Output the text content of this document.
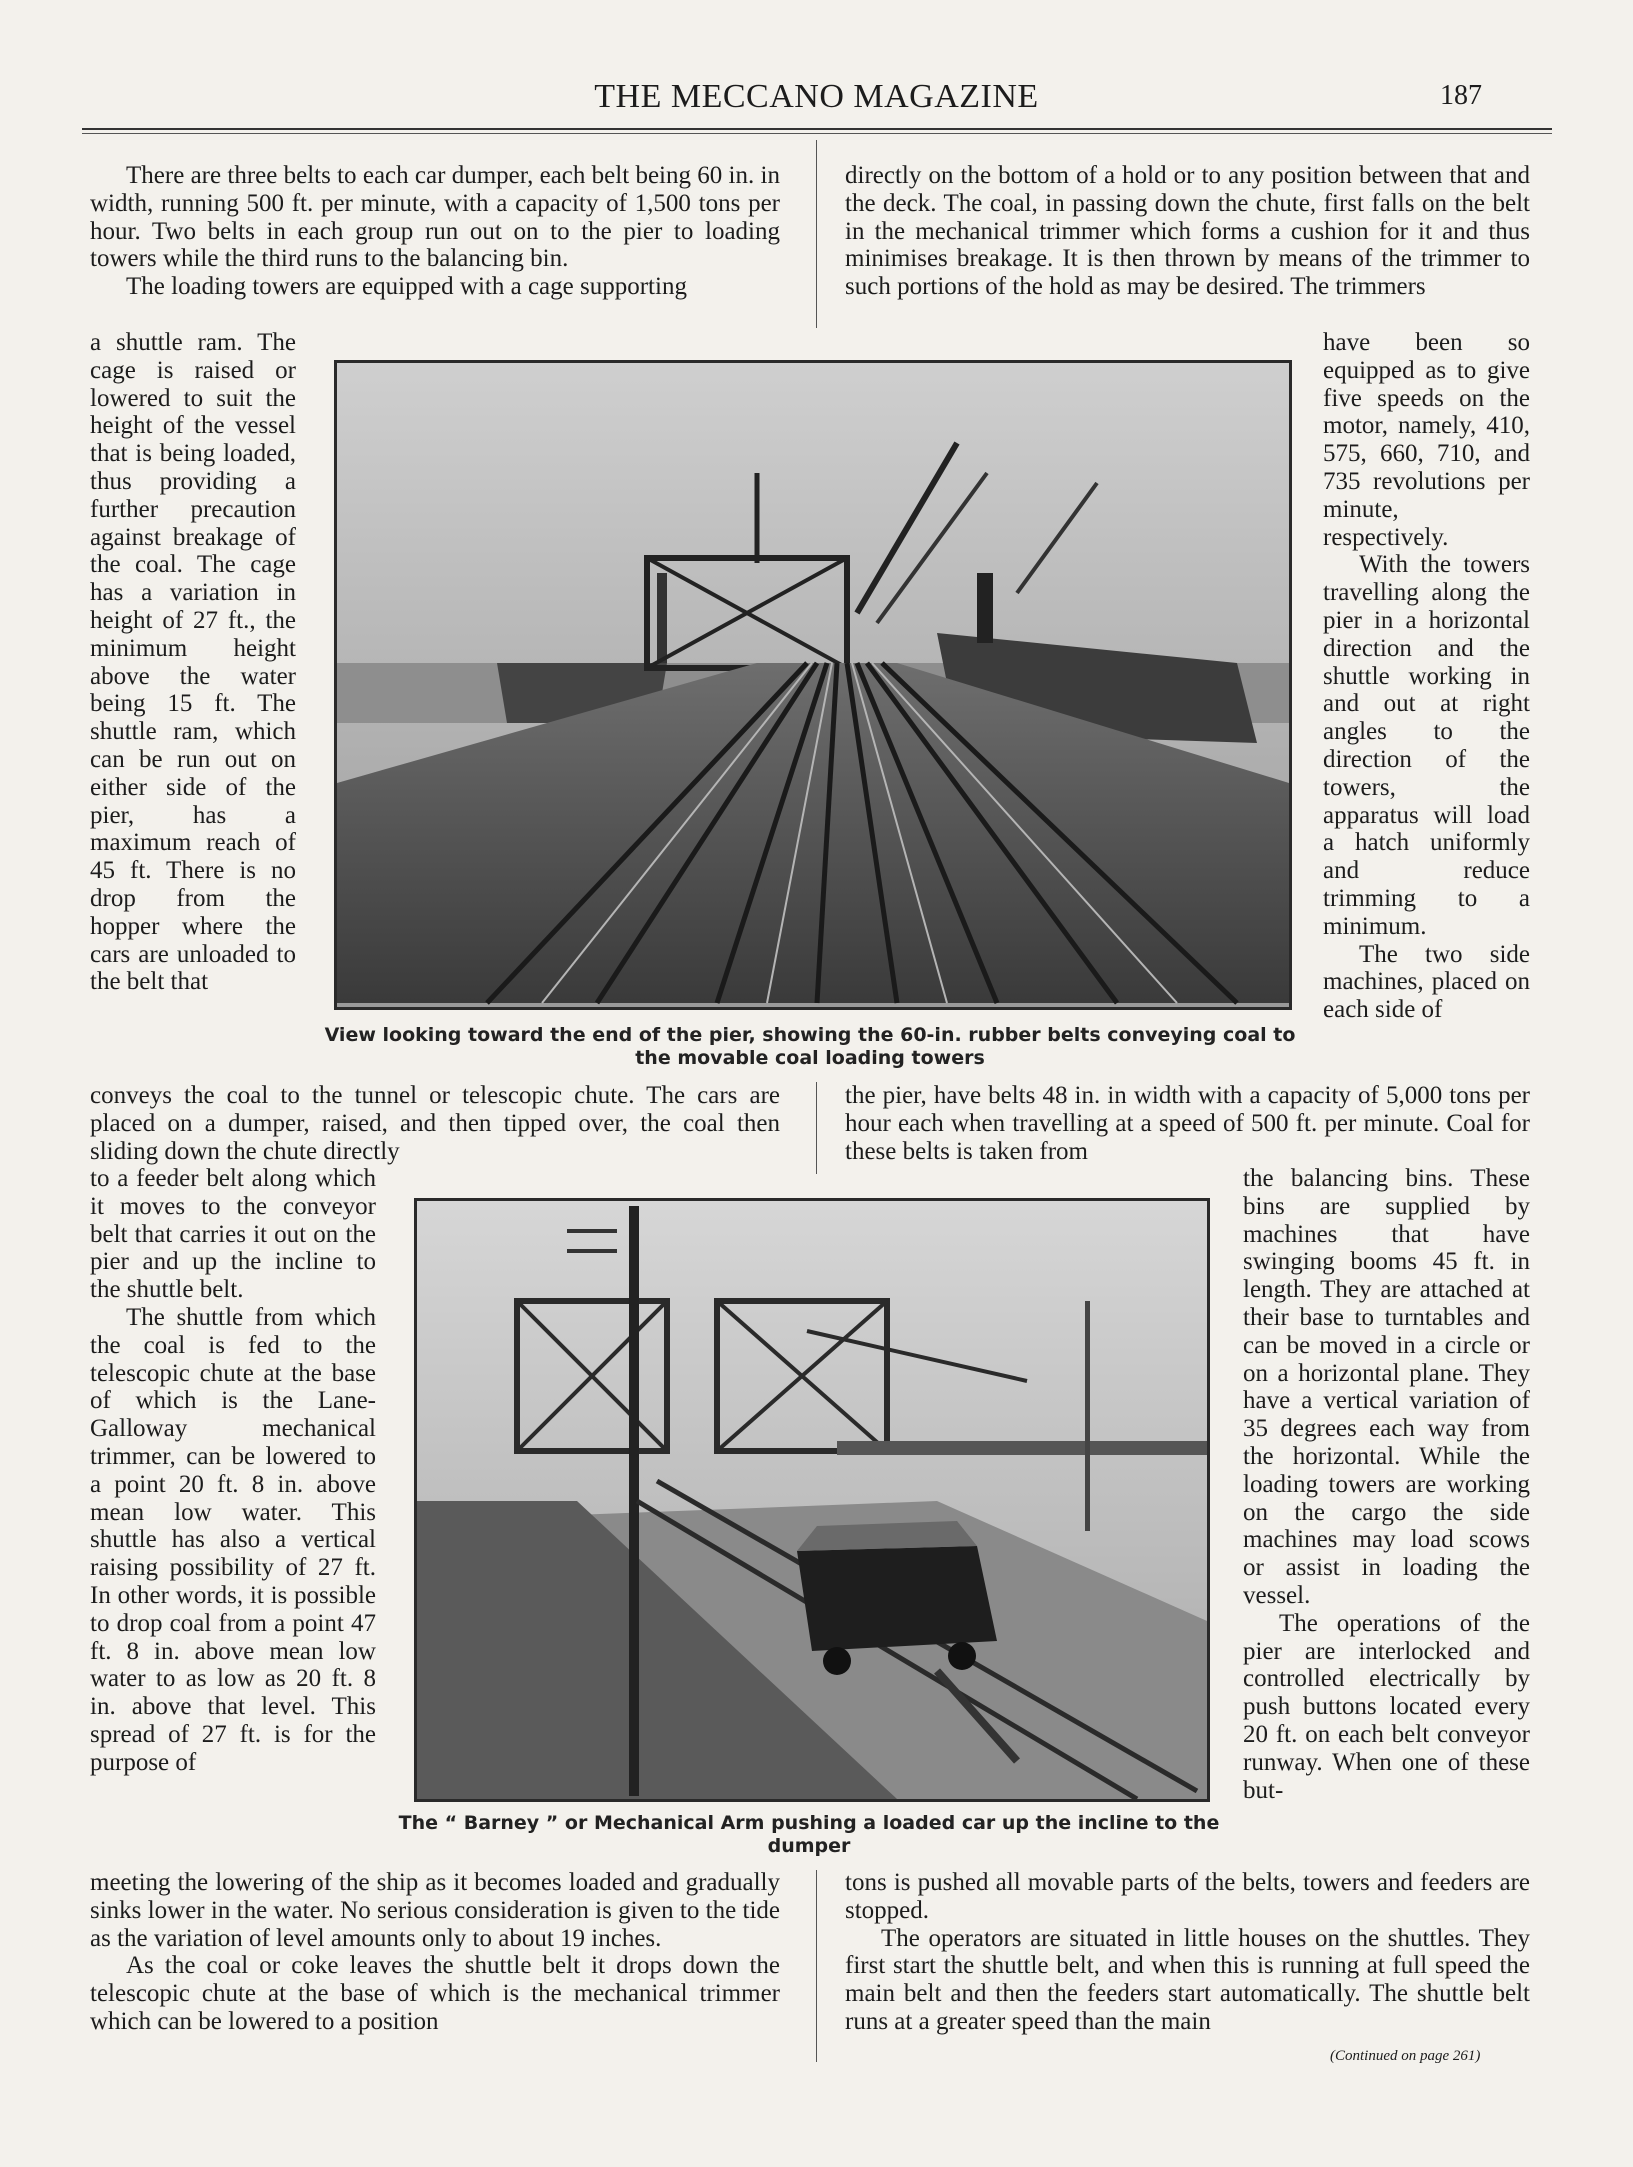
THE MECCANO MAGAZINE	187

There are three belts to each car dumper, each belt being 60 in. in width, running 500 ft. per minute, with a capacity of 1,500 tons per hour. Two belts in each group run out on to the pier to loading towers while the third runs to the balancing bin.

The loading towers are equipped with a cage supporting

directly on the bottom of a hold or to any position between that and the deck. The coal, in passing down the chute, first falls on the belt in the mechanical trimmer which forms a cushion for it and thus minimises breakage. It is then thrown by means of the trimmer to such portions of the hold as may be desired. The trimmers

a shuttle ram. The cage is raised or lowered to suit the height of the vessel that is being loaded, thus providing a further precaution against breakage of the coal. The cage has a variation in height of 27 ft., the minimum height above the water being 15 ft. The shuttle ram, which can be run out on either side of the pier, has a maximum reach of 45 ft. There is no drop from the hopper where the cars are unloaded to the belt that

have been so equipped as to give five speeds on the motor, namely, 410, 575, 660, 710, and 735 revolutions per minute, respectively.

With the towers travelling along the pier in a horizontal direction and the shuttle working in and out at right angles to the direction of the towers, the apparatus will load a hatch uniformly and reduce trimming to a minimum.

The two side machines, placed on each side of

View looking toward the end of the pier, showing the 60-in. rubber belts conveying coal to the movable coal loading towers

conveys the coal to the tunnel or telescopic chute. The cars are placed on a dumper, raised, and then tipped over, the coal then sliding down the chute directly

the pier, have belts 48 in. in width with a capacity of 5,000 tons per hour each when travelling at a speed of 500 ft. per minute. Coal for these belts is taken from

to a feeder belt along which it moves to the conveyor belt that carries it out on the pier and up the incline to the shuttle belt.

The shuttle from which the coal is fed to the telescopic chute at the base of which is the Lane-Galloway mechanical trimmer, can be lowered to a point 20 ft. 8 in. above mean low water. This shuttle has also a vertical raising possibility of 27 ft. In other words, it is possible to drop coal from a point 47 ft. 8 in. above mean low water to as low as 20 ft. 8 in. above that level. This spread of 27 ft. is for the purpose of

the balancing bins. These bins are supplied by machines that have swinging booms 45 ft. in length. They are attached at their base to turntables and can be moved in a circle or on a horizontal plane. They have a vertical variation of 35 degrees each way from the horizontal. While the loading towers are working on the cargo the side machines may load scows or assist in loading the vessel.

The operations of the pier are interlocked and controlled electrically by push buttons located every 20 ft. on each belt conveyor runway. When one of these but-

The “ Barney ” or Mechanical Arm pushing a loaded car up the incline to the dumper

meeting the lowering of the ship as it becomes loaded and gradually sinks lower in the water. No serious consideration is given to the tide as the variation of level amounts only to about 19 inches.

As the coal or coke leaves the shuttle belt it drops down the telescopic chute at the base of which is the mechanical trimmer which can be lowered to a position

tons is pushed all movable parts of the belts, towers and feeders are stopped.

The operators are situated in little houses on the shuttles. They first start the shuttle belt, and when this is running at full speed the main belt and then the feeders start automatically. The shuttle belt runs at a greater speed than the main

(Continued on page 261)
